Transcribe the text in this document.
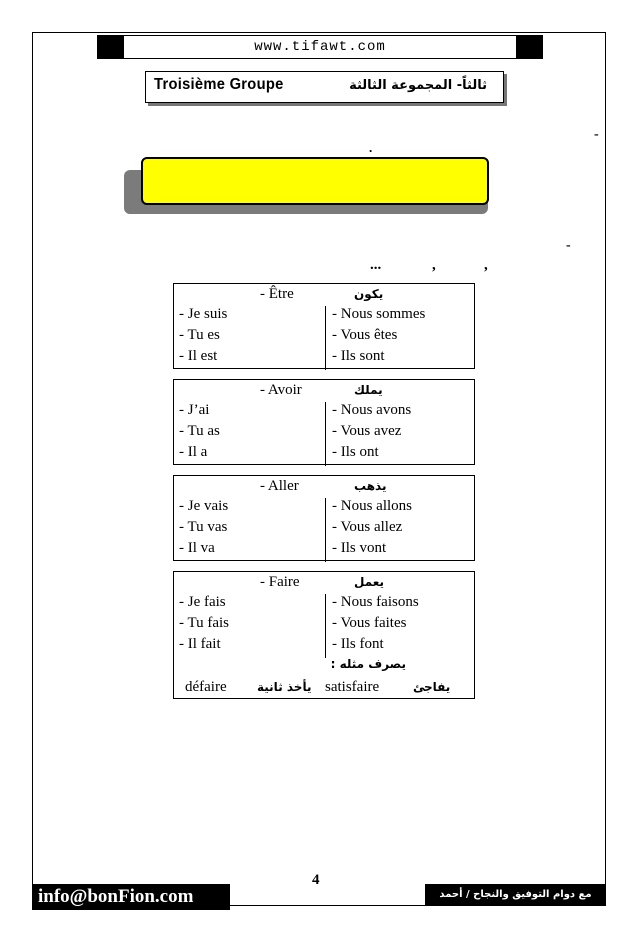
www.tifawt.com
Troisième Groupe	ثالثاً- المجموعة الثالثة
-
.
-
,
,
...
- Être	يكون
- Je suis	- Nous sommes
- Tu es	- Vous êtes
- Il est	- Ils sont
- Avoir	يملك
- J’ai	- Nous avons
- Tu as	- Vous avez
- Il a	- Ils ont
- Aller	يذهب
- Je vais	- Nous allons
- Tu vas	- Vous allez
- Il va	- Ils vont
- Faire	يعمل
- Je fais	- Nous faisons
- Tu fais	- Vous faites
- Il fait	- Ils font
يصرف مثله :
défaire	يأخذ ثانية satisfaire	يفاجئ
4
info@bonFion.com	مع دوام التوفيق والنجاح / أحمد شلبي
